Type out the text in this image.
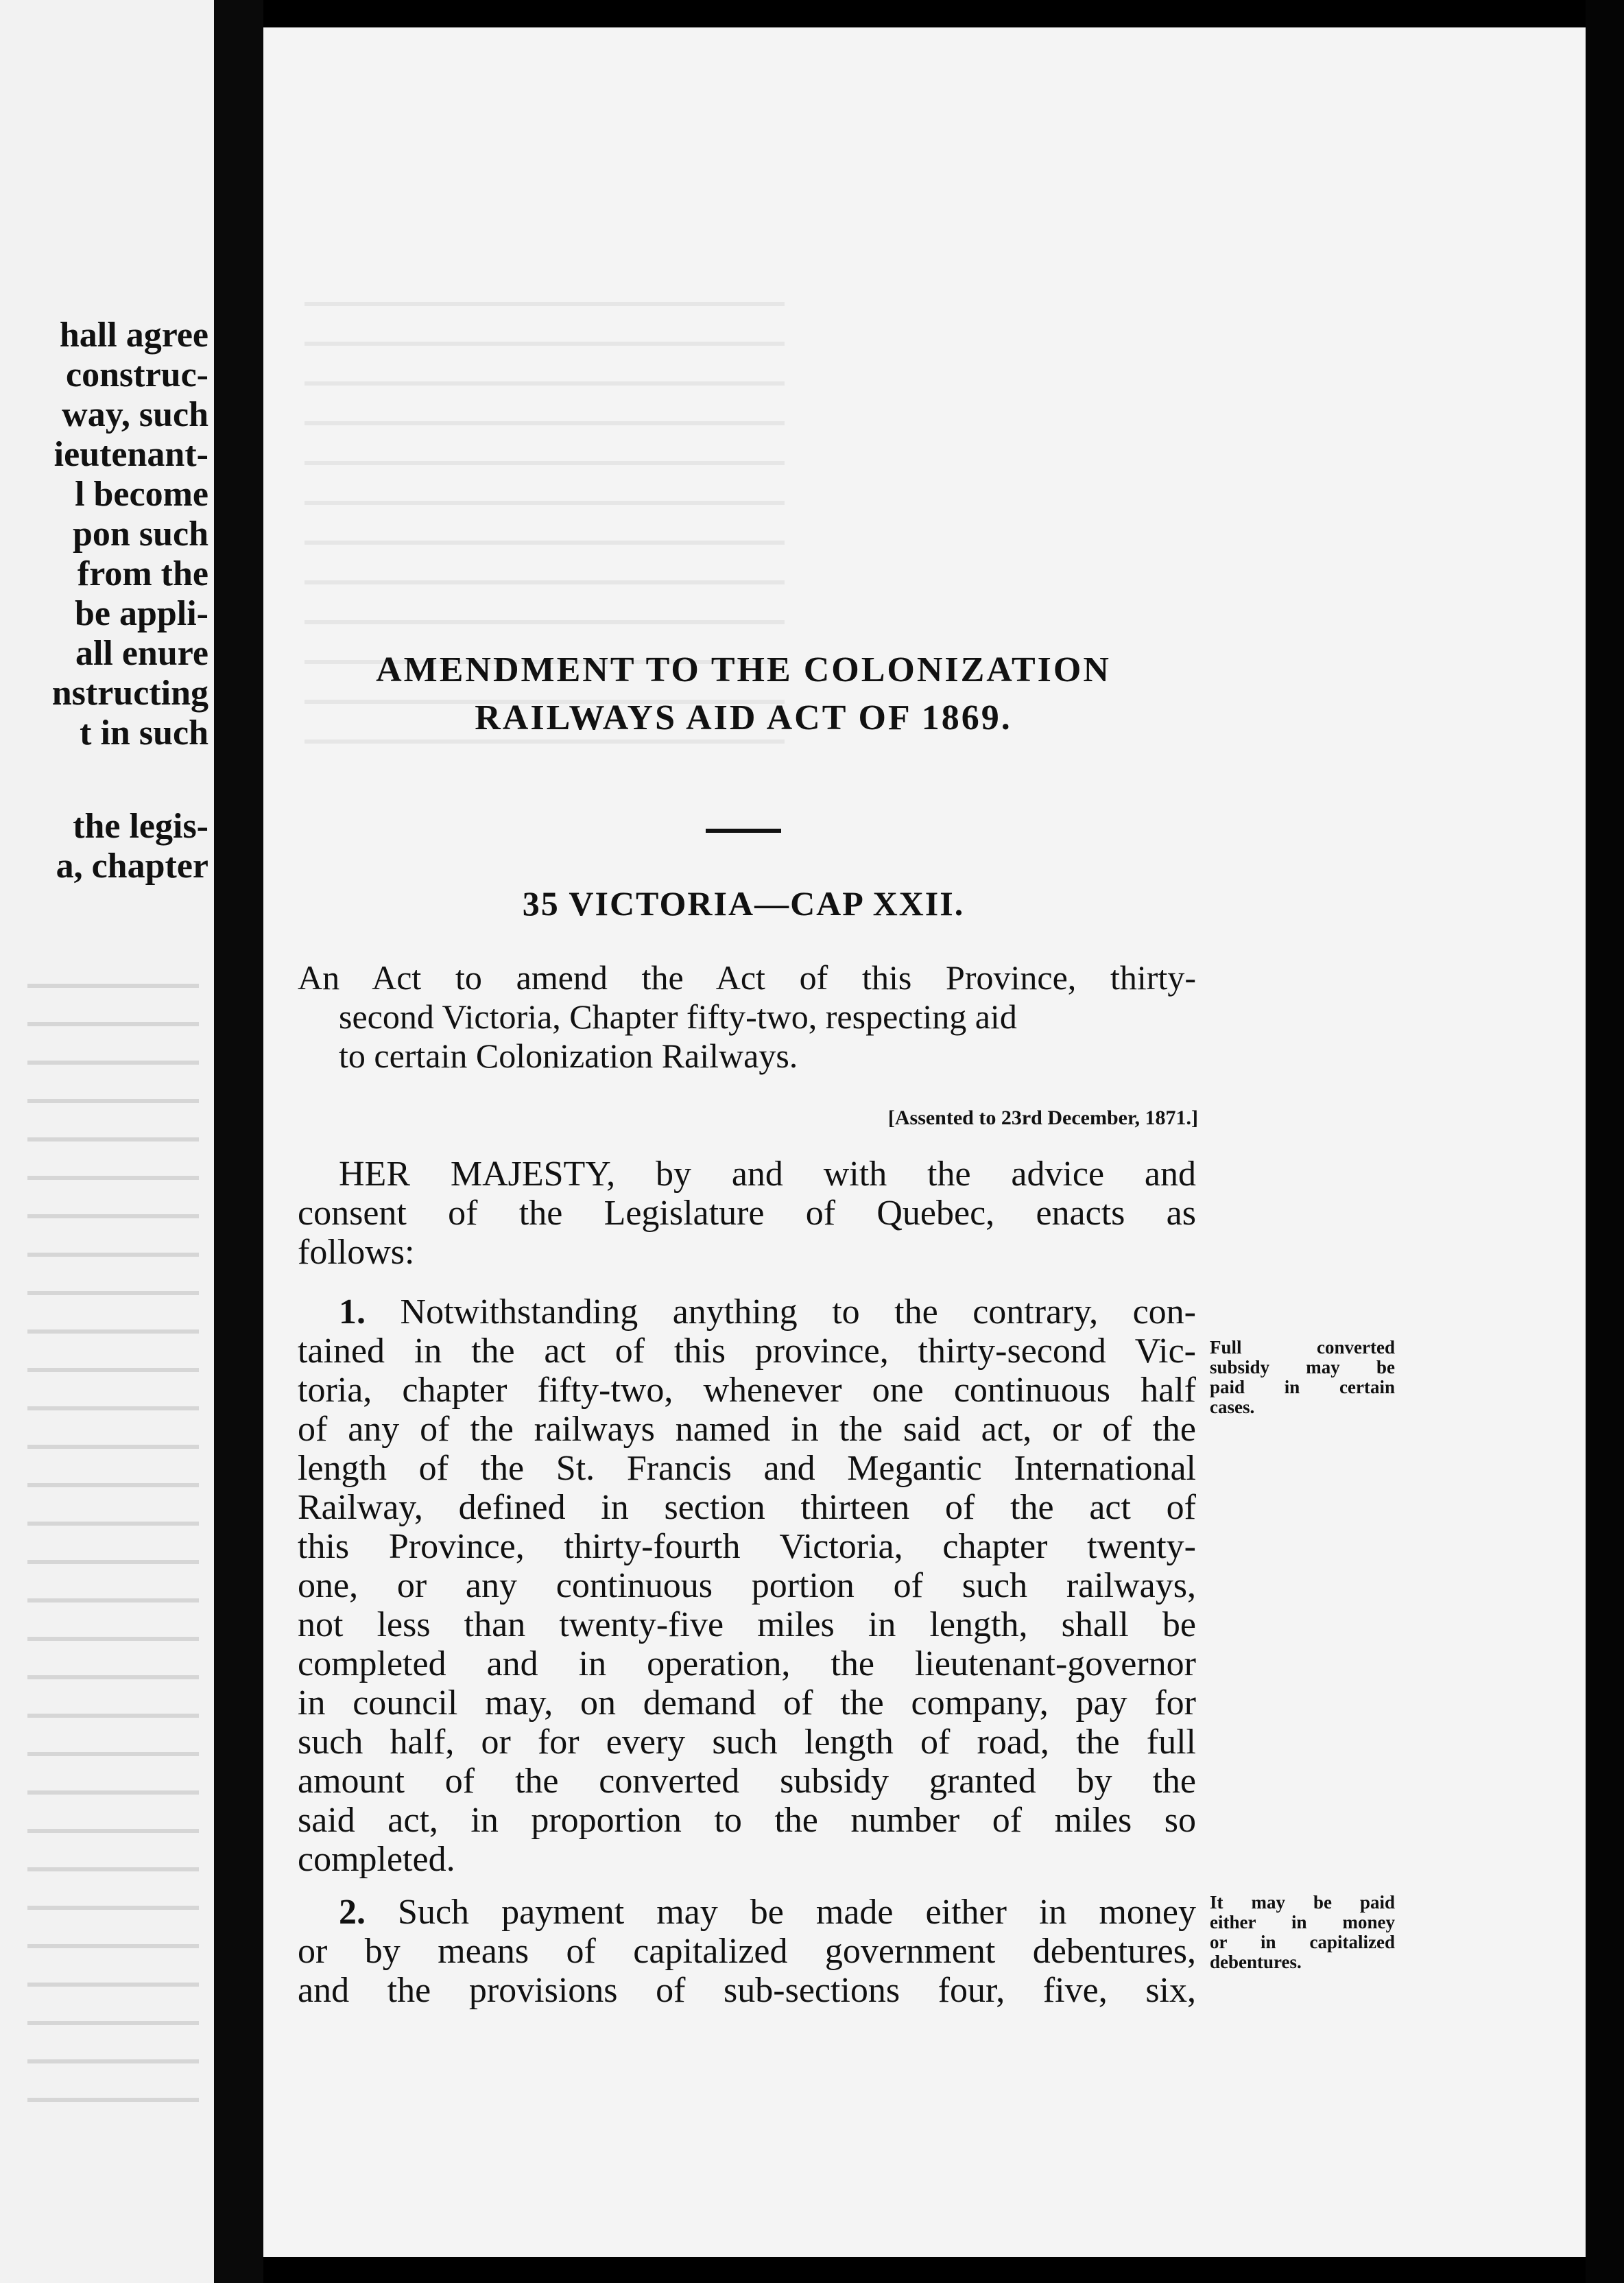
hall agree
construc-
way, such
ieutenant-
l become
pon such
from the
be appli-
all enure
nstructing
t in such
the legis-
a, chapter
AMENDMENT TO THE COLONIZATION
RAILWAYS AID ACT OF 1869.
35 VICTORIA—CAP XXII.
An Act to amend the Act of this Province, thirty-
second Victoria, Chapter fifty-two, respecting aid
to certain Colonization Railways.
[Assented to 23rd December, 1871.]
HER MAJESTY, by and with the advice and
consent of the Legislature of Quebec, enacts as
follows:
1. Notwithstanding anything to the contrary, con-
tained in the act of this province, thirty-second Vic-
toria, chapter fifty-two, whenever one continuous half
of any of the railways named in the said act, or of the
length of the St. Francis and Megantic International
Railway, defined in section thirteen of the act of
this Province, thirty-fourth Victoria, chapter twenty-
one, or any continuous portion of such railways,
not less than twenty-five miles in length, shall be
completed and in operation, the lieutenant-governor
in council may, on demand of the company, pay for
such half, or for every such length of road, the full
amount of the converted subsidy granted by the
said act, in proportion to the number of miles so
completed.
Full converted
subsidy may be
paid in certain
cases.
2. Such payment may be made either in money
or by means of capitalized government debentures,
and the provisions of sub-sections four, five, six,
It may be paid
either in money
or in capitalized
debentures.
